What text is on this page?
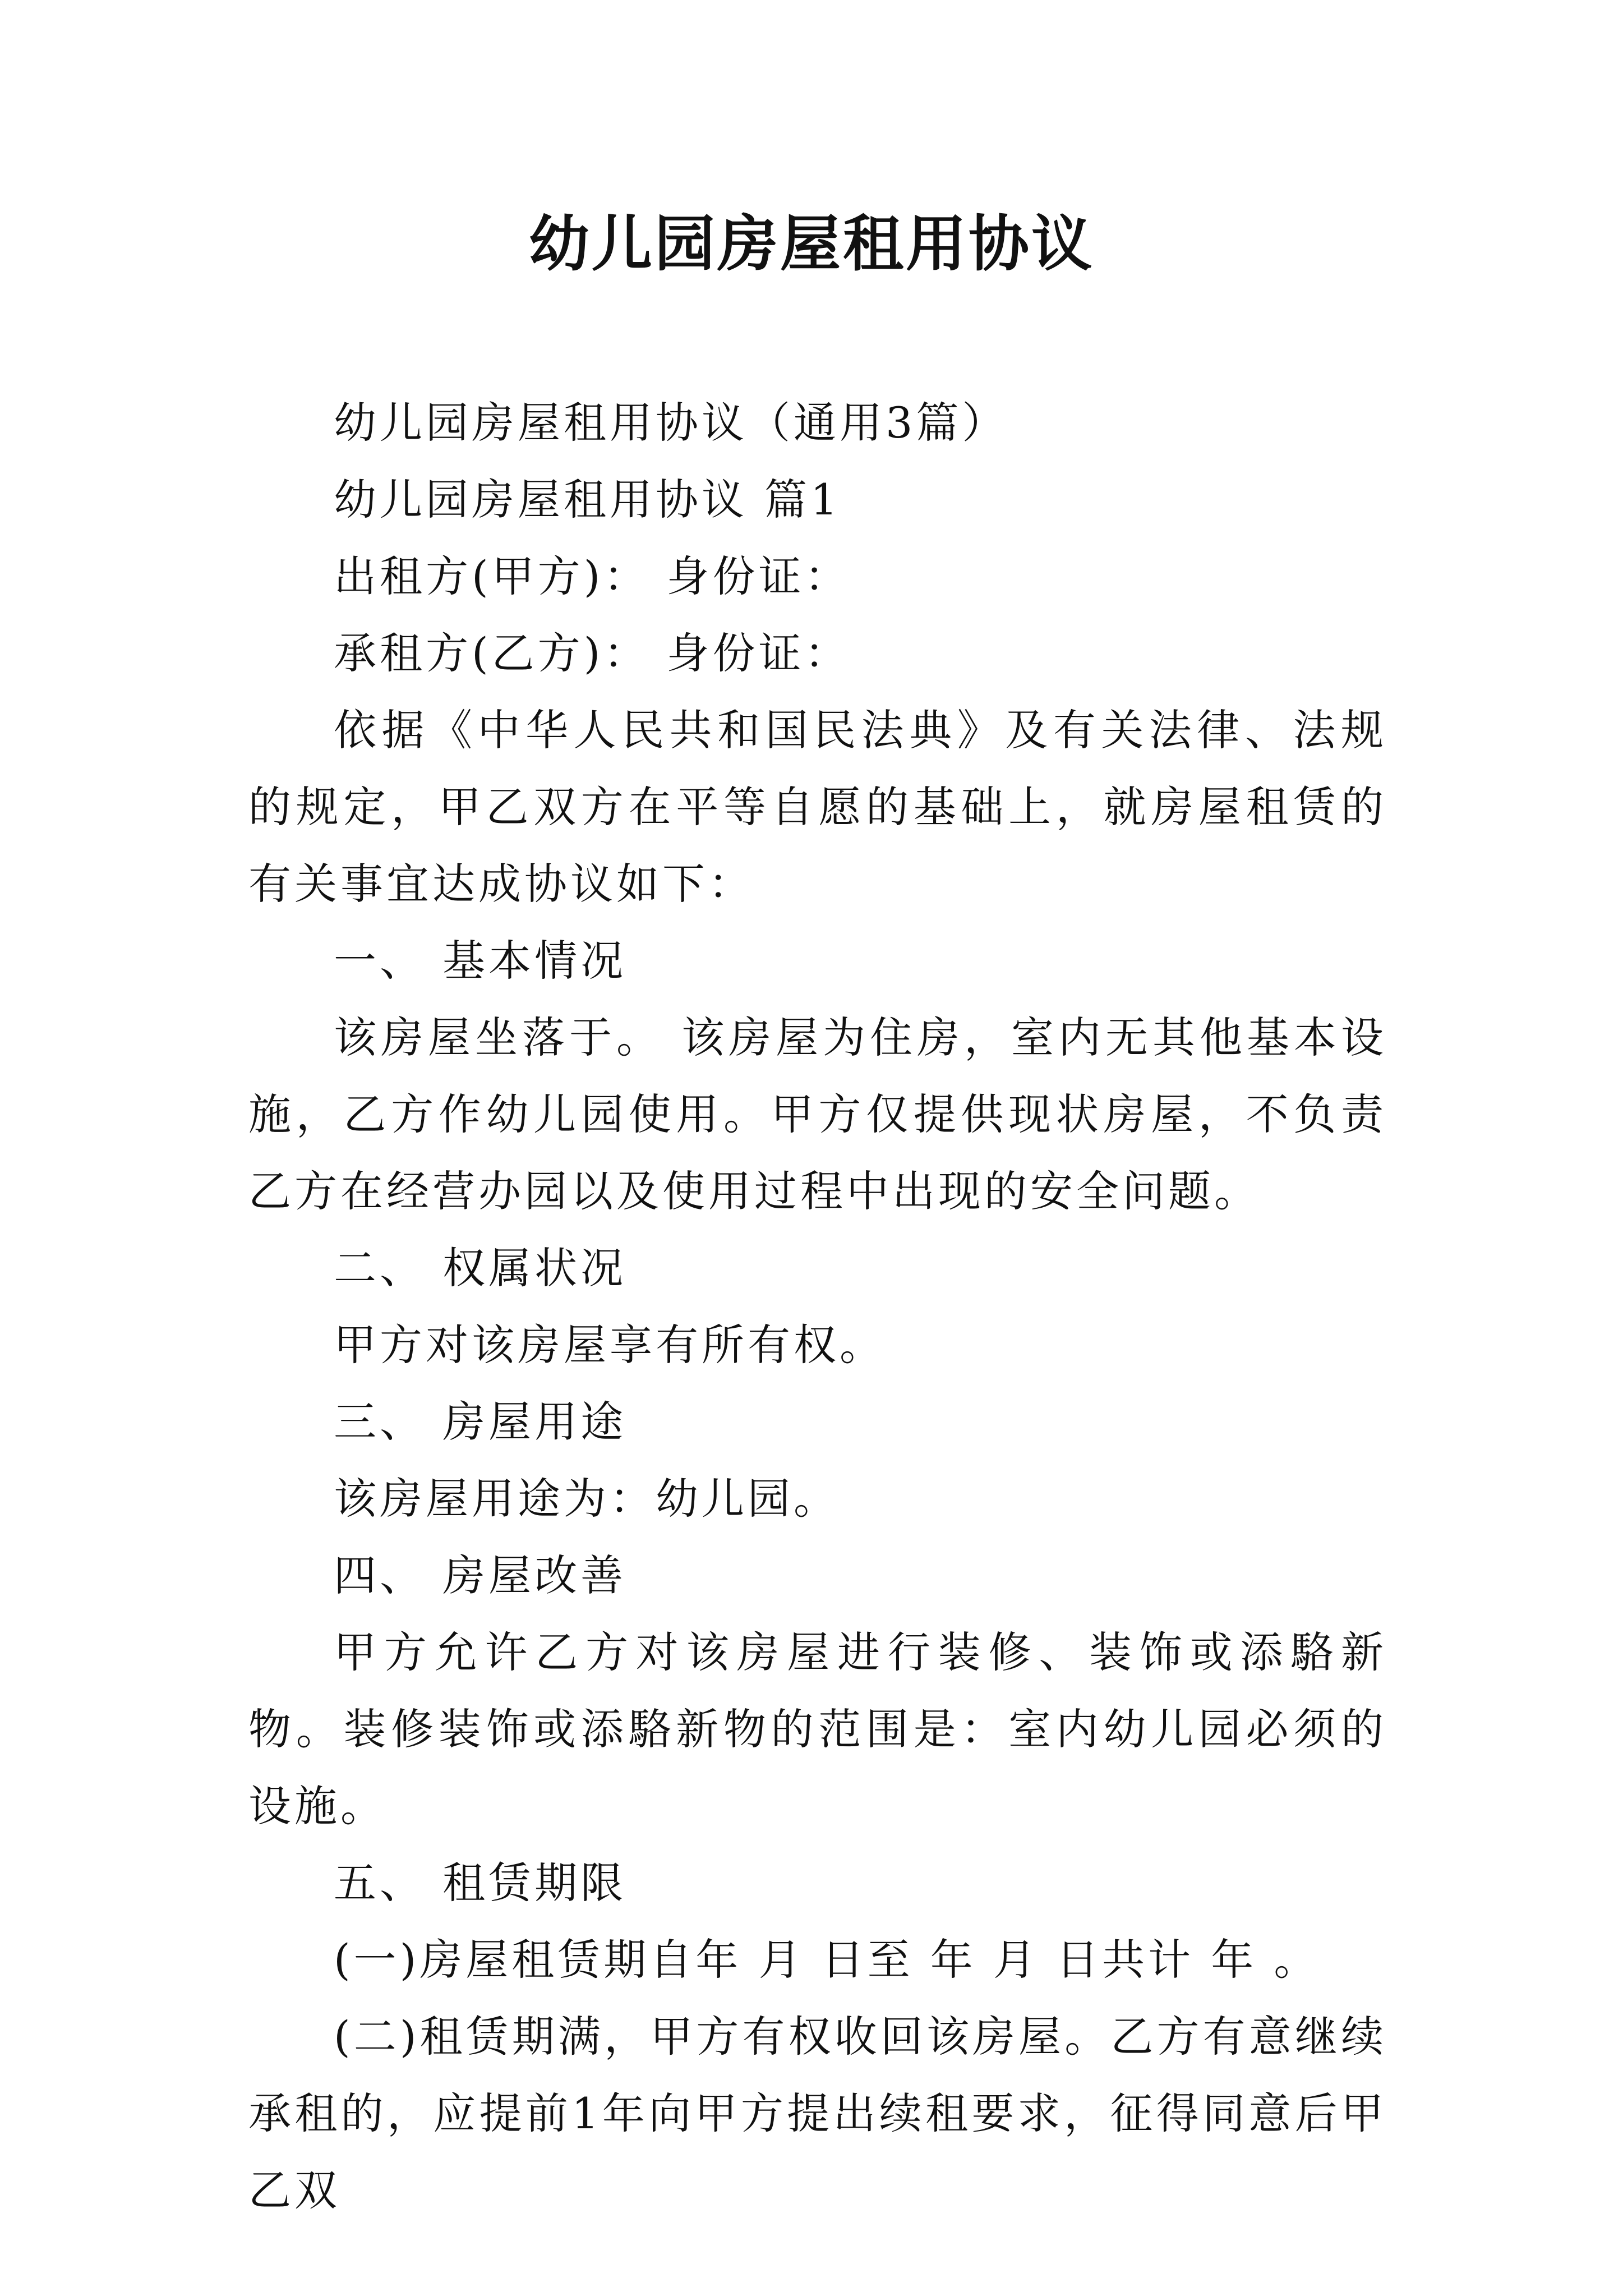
幼儿园房屋租用协议

幼儿园房屋租用协议（通用3篇）

幼儿园房屋租用协议 篇1

出租方(甲方)： 身份证：

承租方(乙方)： 身份证：

依据《中华人民共和国民法典》及有关法律、法规的规定，甲乙双方在平等自愿的基础上，就房屋租赁的有关事宜达成协议如下：

一、 基本情况

该房屋坐落于。 该房屋为住房，室内无其他基本设施，乙方作幼儿园使用。甲方仅提供现状房屋，不负责乙方在经营办园以及使用过程中出现的安全问题。

二、 权属状况

甲方对该房屋享有所有权。

三、 房屋用途

该房屋用途为：幼儿园。

四、 房屋改善

甲方允许乙方对该房屋进行装修、装饰或添駱新物。装修装饰或添駱新物的范围是：室内幼儿园必须的设施。

五、 租赁期限

(一)房屋租赁期自年 月 日至 年 月 日共计 年 。

(二)租赁期满，甲方有权收回该房屋。乙方有意继续承租的，应提前1年向甲方提出续租要求，征得同意后甲乙双
